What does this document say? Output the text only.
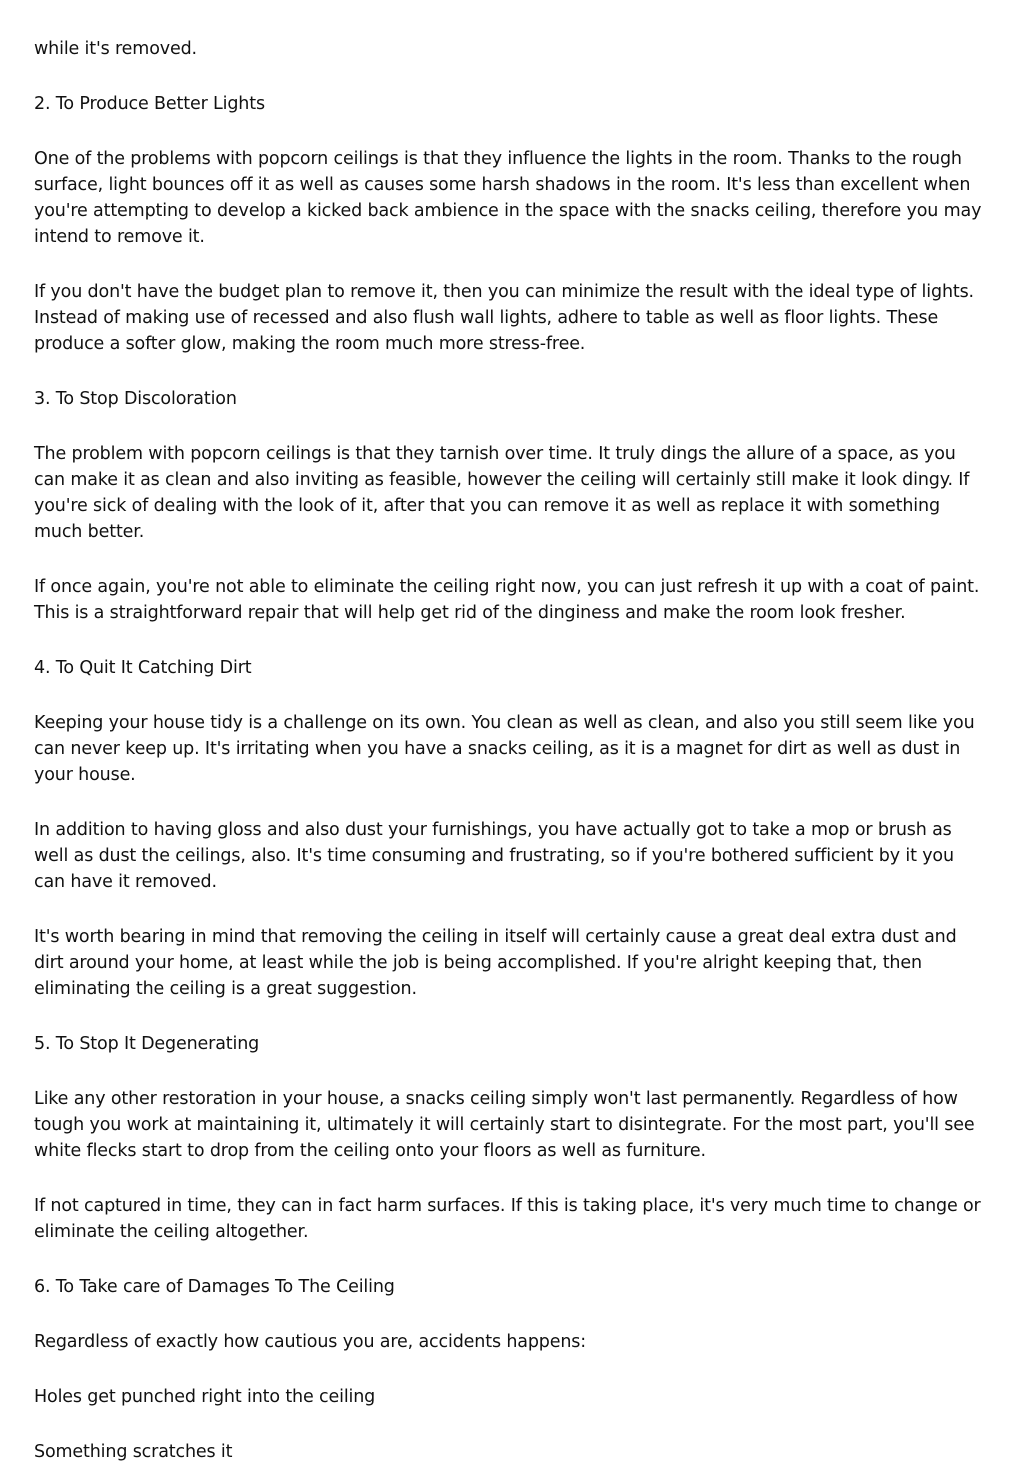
while it's removed.

2. To Produce Better Lights

One of the problems with popcorn ceilings is that they influence the lights in the room. Thanks to the rough surface, light bounces off it as well as causes some harsh shadows in the room. It's less than excellent when you're attempting to develop a kicked back ambience in the space with the snacks ceiling, therefore you may intend to remove it.

If you don't have the budget plan to remove it, then you can minimize the result with the ideal type of lights. Instead of making use of recessed and also flush wall lights, adhere to table as well as floor lights. These produce a softer glow, making the room much more stress-free.

3. To Stop Discoloration

The problem with popcorn ceilings is that they tarnish over time. It truly dings the allure of a space, as you can make it as clean and also inviting as feasible, however the ceiling will certainly still make it look dingy. If you're sick of dealing with the look of it, after that you can remove it as well as replace it with something much better.

If once again, you're not able to eliminate the ceiling right now, you can just refresh it up with a coat of paint. This is a straightforward repair that will help get rid of the dinginess and make the room look fresher.

4. To Quit It Catching Dirt

Keeping your house tidy is a challenge on its own. You clean as well as clean, and also you still seem like you can never keep up. It's irritating when you have a snacks ceiling, as it is a magnet for dirt as well as dust in your house.

In addition to having gloss and also dust your furnishings, you have actually got to take a mop or brush as well as dust the ceilings, also. It's time consuming and frustrating, so if you're bothered sufficient by it you can have it removed.

It's worth bearing in mind that removing the ceiling in itself will certainly cause a great deal extra dust and dirt around your home, at least while the job is being accomplished. If you're alright keeping that, then eliminating the ceiling is a great suggestion.

5. To Stop It Degenerating

Like any other restoration in your house, a snacks ceiling simply won't last permanently. Regardless of how tough you work at maintaining it, ultimately it will certainly start to disintegrate. For the most part, you'll see white flecks start to drop from the ceiling onto your floors as well as furniture.

If not captured in time, they can in fact harm surfaces. If this is taking place, it's very much time to change or eliminate the ceiling altogether.

6. To Take care of Damages To The Ceiling

Regardless of exactly how cautious you are, accidents happens:

Holes get punched right into the ceiling

Something scratches it
